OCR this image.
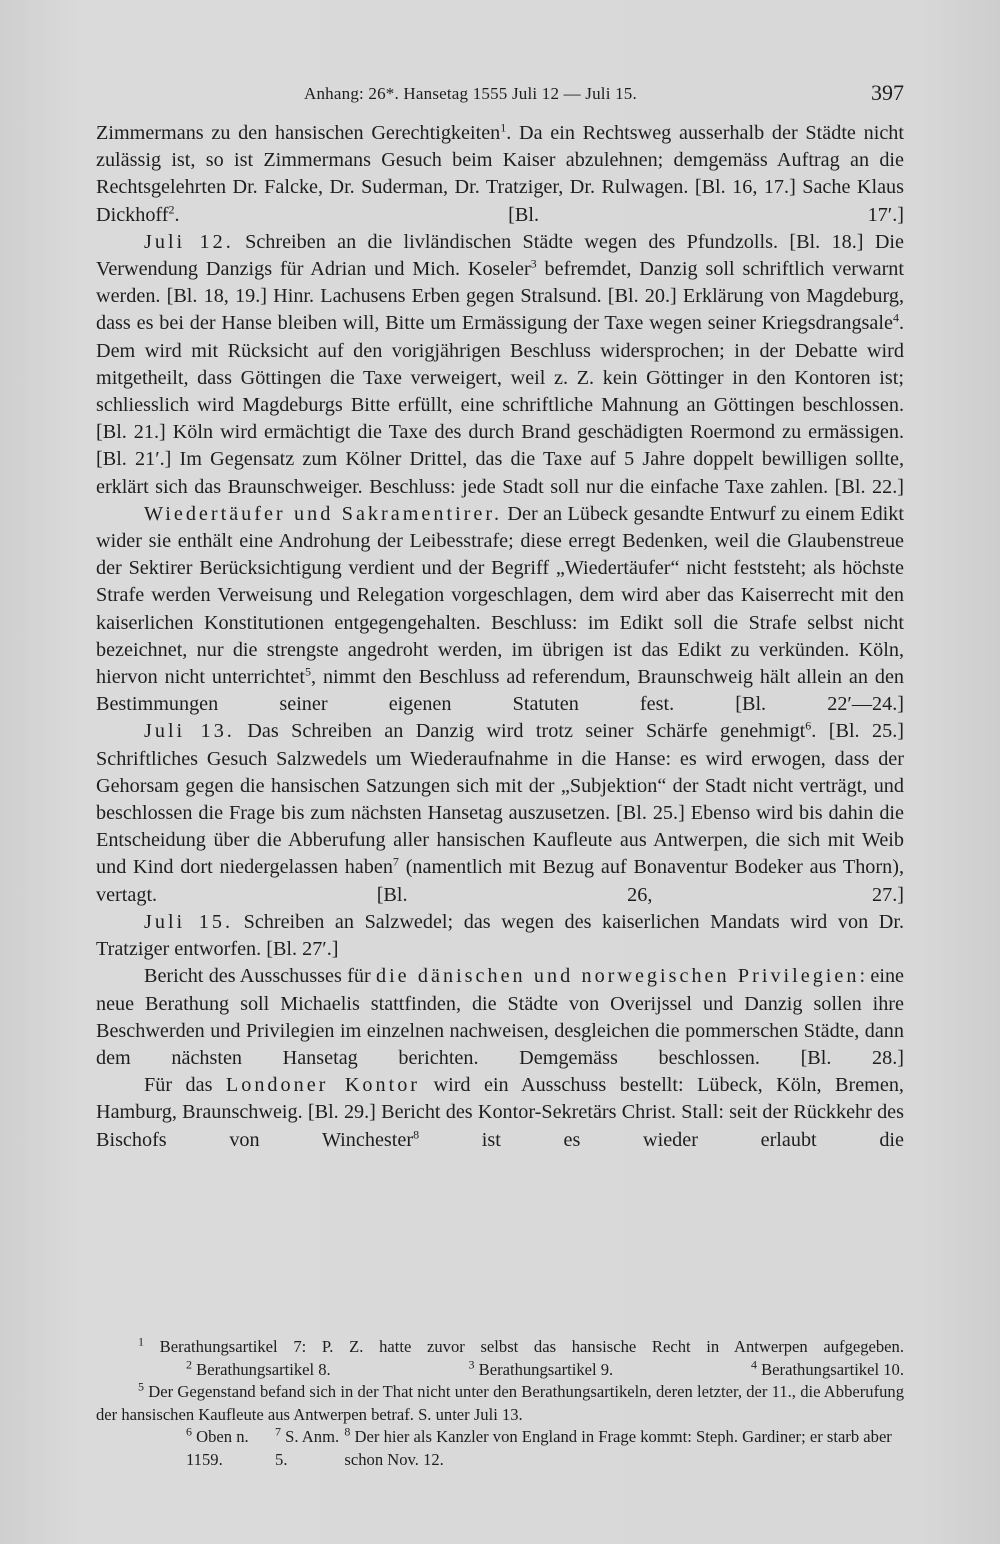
Anhang: 26*. Hansetag 1555 Juli 12 — Juli 15.	397

Zimmermans zu den hansischen Gerechtigkeiten$^1$. Da ein Rechtsweg ausserhalb der Städte nicht zulässig ist, so ist Zimmermans Gesuch beim Kaiser abzulehnen; demgemäss Auftrag an die Rechtsgelehrten Dr. Falcke, Dr. Suderman, Dr. Tratziger, Dr. Rulwagen. [Bl. 16, 17.] Sache Klaus Dickhoff$^2$. [Bl. 17′.]

Juli 12. Schreiben an die livländischen Städte wegen des Pfundzolls. [Bl. 18.] Die Verwendung Danzigs für Adrian und Mich. Koseler$^3$ befremdet, Danzig soll schriftlich verwarnt werden. [Bl. 18, 19.] Hinr. Lachusens Erben gegen Stralsund. [Bl. 20.] Erklärung von Magdeburg, dass es bei der Hanse bleiben will, Bitte um Ermässigung der Taxe wegen seiner Kriegsdrangsale$^4$. Dem wird mit Rücksicht auf den vorigjährigen Beschluss widersprochen; in der Debatte wird mitgetheilt, dass Göttingen die Taxe verweigert, weil z. Z. kein Göttinger in den Kontoren ist; schliesslich wird Magdeburgs Bitte erfüllt, eine schriftliche Mahnung an Göttingen beschlossen. [Bl. 21.] Köln wird ermächtigt die Taxe des durch Brand geschädigten Roermond zu ermässigen. [Bl. 21′.] Im Gegensatz zum Kölner Drittel, das die Taxe auf 5 Jahre doppelt bewilligen sollte, erklärt sich das Braunschweiger. Beschluss: jede Stadt soll nur die einfache Taxe zahlen. [Bl. 22.]

Wiedertäufer und Sakramentirer. Der an Lübeck gesandte Entwurf zu einem Edikt wider sie enthält eine Androhung der Leibesstrafe; diese erregt Bedenken, weil die Glaubenstreue der Sektirer Berücksichtigung verdient und der Begriff „Wiedertäufer“ nicht feststeht; als höchste Strafe werden Verweisung und Relegation vorgeschlagen, dem wird aber das Kaiserrecht mit den kaiserlichen Konstitutionen entgegengehalten. Beschluss: im Edikt soll die Strafe selbst nicht bezeichnet, nur die strengste angedroht werden, im übrigen ist das Edikt zu verkünden. Köln, hiervon nicht unterrichtet$^5$, nimmt den Beschluss ad referendum, Braunschweig hält allein an den Bestimmungen seiner eigenen Statuten fest. [Bl. 22′—24.]

Juli 13. Das Schreiben an Danzig wird trotz seiner Schärfe genehmigt$^6$. [Bl. 25.] Schriftliches Gesuch Salzwedels um Wiederaufnahme in die Hanse: es wird erwogen, dass der Gehorsam gegen die hansischen Satzungen sich mit der „Subjektion“ der Stadt nicht verträgt, und beschlossen die Frage bis zum nächsten Hansetag auszusetzen. [Bl. 25.] Ebenso wird bis dahin die Entscheidung über die Abberufung aller hansischen Kaufleute aus Antwerpen, die sich mit Weib und Kind dort niedergelassen haben$^7$ (namentlich mit Bezug auf Bonaventur Bodeker aus Thorn), vertagt. [Bl. 26, 27.]

Juli 15. Schreiben an Salzwedel; das wegen des kaiserlichen Mandats wird von Dr. Tratziger entworfen. [Bl. 27′.]

Bericht des Ausschusses für die dänischen und norwegischen Privilegien: eine neue Berathung soll Michaelis stattfinden, die Städte von Overijssel und Danzig sollen ihre Beschwerden und Privilegien im einzelnen nachweisen, desgleichen die pommerschen Städte, dann dem nächsten Hansetag berichten. Demgemäss beschlossen. [Bl. 28.]

Für das Londoner Kontor wird ein Ausschuss bestellt: Lübeck, Köln, Bremen, Hamburg, Braunschweig. [Bl. 29.] Bericht des Kontor-Sekretärs Christ. Stall: seit der Rückkehr des Bischofs von Winchester$^8$ ist es wieder erlaubt die

$^1$ Berathungsartikel 7: P. Z. hatte zuvor selbst das hansische Recht in Antwerpen aufgegeben.

$^2$ Berathungsartikel 8.	$^3$ Berathungsartikel 9.	$^4$ Berathungsartikel 10.

$^5$ Der Gegenstand befand sich in der That nicht unter den Berathungsartikeln, deren letzter, der 11., die Abberufung der hansischen Kaufleute aus Antwerpen betraf. S. unter Juli 13.

$^6$ Oben n. 1159.
$^7$ S. Anm. 5.
$^8$ Der hier als Kanzler von England in Frage kommt: Steph. Gardiner; er starb aber schon Nov. 12.
